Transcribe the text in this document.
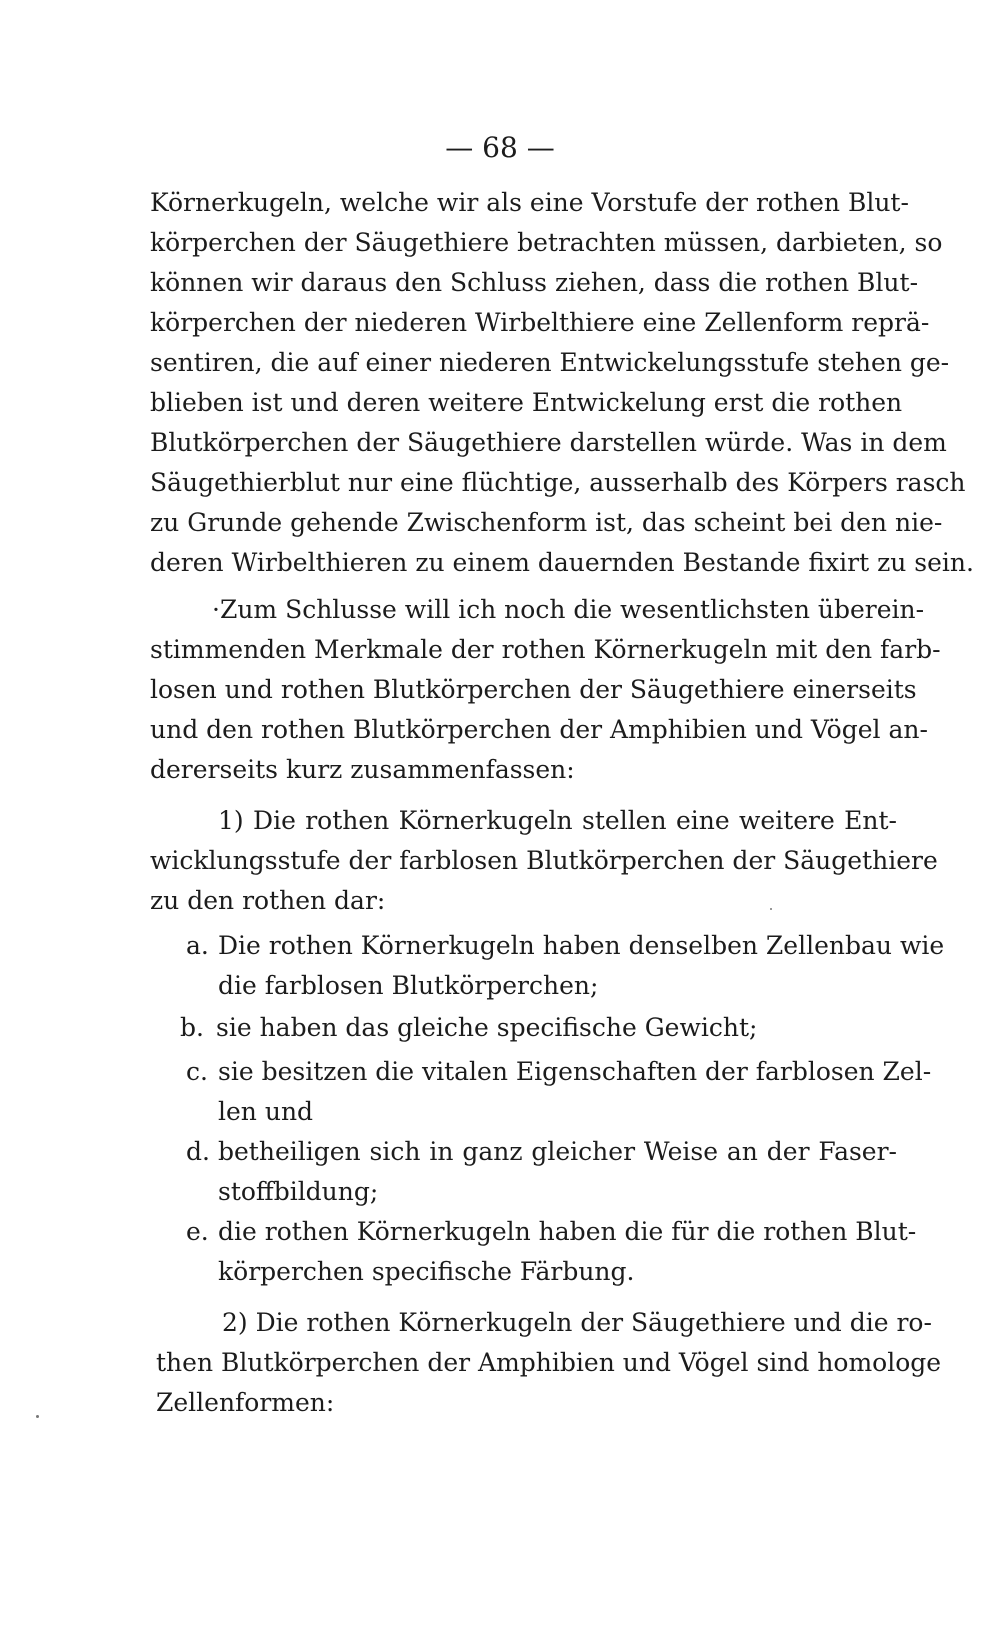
— 68 —
Körnerkugeln, welche wir als eine Vorstufe der rothen Blut-
körperchen der Säugethiere betrachten müssen, darbieten, so
können wir daraus den Schluss ziehen, dass die rothen Blut-
körperchen der niederen Wirbelthiere eine Zellenform reprä-
sentiren, die auf einer niederen Entwickelungsstufe stehen ge-
blieben ist und deren weitere Entwickelung erst die rothen
Blutkörperchen der Säugethiere darstellen würde. Was in dem
Säugethierblut nur eine flüchtige, ausserhalb des Körpers rasch
zu Grunde gehende Zwischenform ist, das scheint bei den nie-
deren Wirbelthieren zu einem dauernden Bestande fixirt zu sein.
·Zum Schlusse will ich noch die wesentlichsten überein-
stimmenden Merkmale der rothen Körnerkugeln mit den farb-
losen und rothen Blutkörperchen der Säugethiere einerseits
und den rothen Blutkörperchen der Amphibien und Vögel an-
dererseits kurz zusammenfassen:
1) Die rothen Körnerkugeln stellen eine weitere Ent-
wicklungsstufe der farblosen Blutkörperchen der Säugethiere
zu den rothen dar:
a. Die rothen Körnerkugeln haben denselben Zellenbau wie
die farblosen Blutkörperchen;
b. sie haben das gleiche specifische Gewicht;
c. sie besitzen die vitalen Eigenschaften der farblosen Zel-
len und
d. betheiligen sich in ganz gleicher Weise an der Faser-
stoffbildung;
e. die rothen Körnerkugeln haben die für die rothen Blut-
körperchen specifische Färbung.
2) Die rothen Körnerkugeln der Säugethiere und die ro-
then Blutkörperchen der Amphibien und Vögel sind homologe
Zellenformen:
